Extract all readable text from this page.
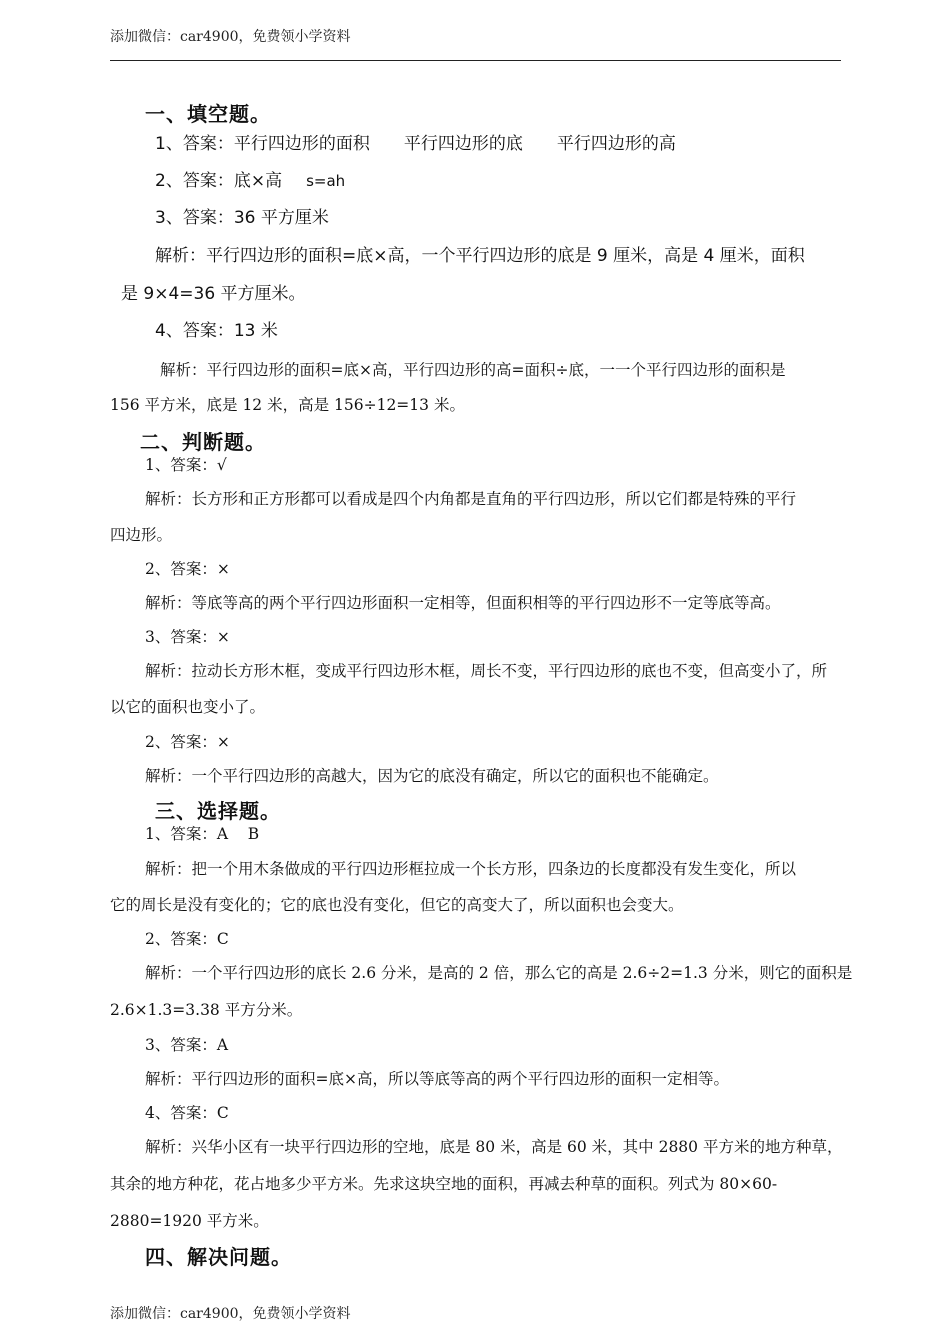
添加微信：car4900，免费领小学资料
一、填空题。
1、答案：平行四边形的面积 平行四边形的底 平行四边形的高
2、答案：底×高 s=ah
3、答案：36 平方厘米
解析：平行四边形的面积=底×高，一个平行四边形的底是 9 厘米，高是 4 厘米，面积
是 9×4=36 平方厘米。
4、答案：13 米
解析：平行四边形的面积=底×高，平行四边形的高=面积÷底，一一个平行四边形的面积是
156 平方米，底是 12 米，高是 156÷12=13 米。
二、判断题。
1、答案：√
解析：长方形和正方形都可以看成是四个内角都是直角的平行四边形，所以它们都是特殊的平行
四边形。
2、答案：×
解析：等底等高的两个平行四边形面积一定相等，但面积相等的平行四边形不一定等底等高。
3、答案：×
解析：拉动长方形木框，变成平行四边形木框，周长不变，平行四边形的底也不变，但高变小了，所
以它的面积也变小了。
2、答案：×
解析：一个平行四边形的高越大，因为它的底没有确定，所以它的面积也不能确定。
三、选择题。
1、答案：A    B
解析：把一个用木条做成的平行四边形框拉成一个长方形，四条边的长度都没有发生变化，所以
它的周长是没有变化的；它的底也没有变化，但它的高变大了，所以面积也会变大。
2、答案：C
解析：一个平行四边形的底长 2.6 分米，是高的 2 倍，那么它的高是 2.6÷2=1.3 分米，则它的面积是
2.6×1.3=3.38 平方分米。
3、答案：A
解析：平行四边形的面积=底×高，所以等底等高的两个平行四边形的面积一定相等。
4、答案：C
解析：兴华小区有一块平行四边形的空地，底是 80 米，高是 60 米，其中 2880 平方米的地方种草，
其余的地方种花，花占地多少平方米。先求这块空地的面积，再减去种草的面积。列式为 80×60-
2880=1920 平方米。
四、解决问题。
添加微信：car4900，免费领小学资料
